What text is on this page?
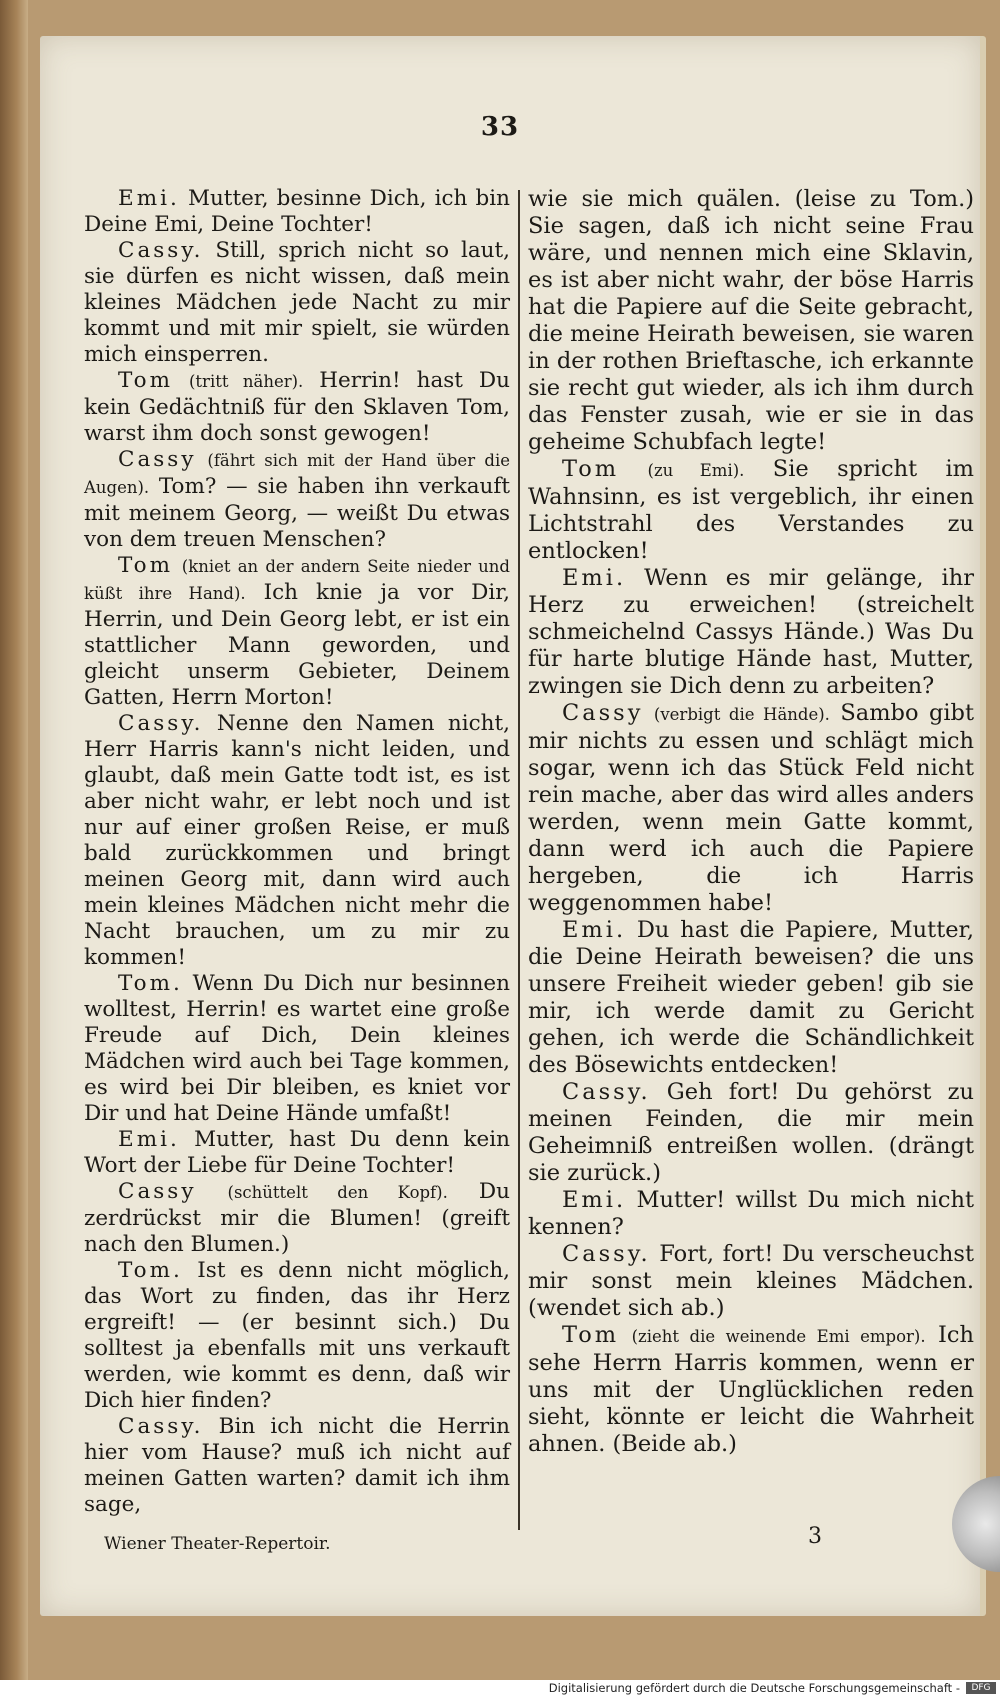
33

Emi. Mutter, besinne Dich, ich bin Deine Emi, Deine Tochter!

Cassy. Still, sprich nicht so laut, sie dürfen es nicht wissen, daß mein kleines Mädchen jede Nacht zu mir kommt und mit mir spielt, sie würden mich einsperren.

Tom (tritt näher). Herrin! hast Du kein Gedächtniß für den Sklaven Tom, warst ihm doch sonst gewogen!

Cassy (fährt sich mit der Hand über die Augen). Tom? — sie haben ihn verkauft mit meinem Georg, — weißt Du etwas von dem treuen Menschen?

Tom (kniet an der andern Seite nieder und küßt ihre Hand). Ich knie ja vor Dir, Herrin, und Dein Georg lebt, er ist ein stattlicher Mann geworden, und gleicht unserm Gebieter, Deinem Gatten, Herrn Morton!

Cassy. Nenne den Namen nicht, Herr Harris kann's nicht leiden, und glaubt, daß mein Gatte todt ist, es ist aber nicht wahr, er lebt noch und ist nur auf einer großen Reise, er muß bald zurückkommen und bringt meinen Georg mit, dann wird auch mein kleines Mädchen nicht mehr die Nacht brauchen, um zu mir zu kommen!

Tom. Wenn Du Dich nur besinnen wolltest, Herrin! es wartet eine große Freude auf Dich, Dein kleines Mädchen wird auch bei Tage kommen, es wird bei Dir bleiben, es kniet vor Dir und hat Deine Hände umfaßt!

Emi. Mutter, hast Du denn kein Wort der Liebe für Deine Tochter!

Cassy (schüttelt den Kopf). Du zerdrückst mir die Blumen! (greift nach den Blumen.)

Tom. Ist es denn nicht möglich, das Wort zu finden, das ihr Herz ergreift! — (er besinnt sich.) Du solltest ja ebenfalls mit uns verkauft werden, wie kommt es denn, daß wir Dich hier finden?

Cassy. Bin ich nicht die Herrin hier vom Hause? muß ich nicht auf meinen Gatten warten? damit ich ihm sage,

wie sie mich quälen. (leise zu Tom.) Sie sagen, daß ich nicht seine Frau wäre, und nennen mich eine Sklavin, es ist aber nicht wahr, der böse Harris hat die Papiere auf die Seite gebracht, die meine Heirath beweisen, sie waren in der rothen Brieftasche, ich erkannte sie recht gut wieder, als ich ihm durch das Fenster zusah, wie er sie in das geheime Schubfach legte!

Tom (zu Emi). Sie spricht im Wahnsinn, es ist vergeblich, ihr einen Lichtstrahl des Verstandes zu entlocken!

Emi. Wenn es mir gelänge, ihr Herz zu erweichen! (streichelt schmeichelnd Cassys Hände.) Was Du für harte blutige Hände hast, Mutter, zwingen sie Dich denn zu arbeiten?

Cassy (verbigt die Hände). Sambo gibt mir nichts zu essen und schlägt mich sogar, wenn ich das Stück Feld nicht rein mache, aber das wird alles anders werden, wenn mein Gatte kommt, dann werd ich auch die Papiere hergeben, die ich Harris weggenommen habe!

Emi. Du hast die Papiere, Mutter, die Deine Heirath beweisen? die uns unsere Freiheit wieder geben! gib sie mir, ich werde damit zu Gericht gehen, ich werde die Schändlichkeit des Bösewichts entdecken!

Cassy. Geh fort! Du gehörst zu meinen Feinden, die mir mein Geheimniß entreißen wollen. (drängt sie zurück.)

Emi. Mutter! willst Du mich nicht kennen?

Cassy. Fort, fort! Du verscheuchst mir sonst mein kleines Mädchen. (wendet sich ab.)

Tom (zieht die weinende Emi empor). Ich sehe Herrn Harris kommen, wenn er uns mit der Unglücklichen reden sieht, könnte er leicht die Wahrheit ahnen. (Beide ab.)

Wiener Theater-Repertoir.	3
Digitalisierung gefördert durch die Deutsche Forschungsgemeinschaft -	DFG
